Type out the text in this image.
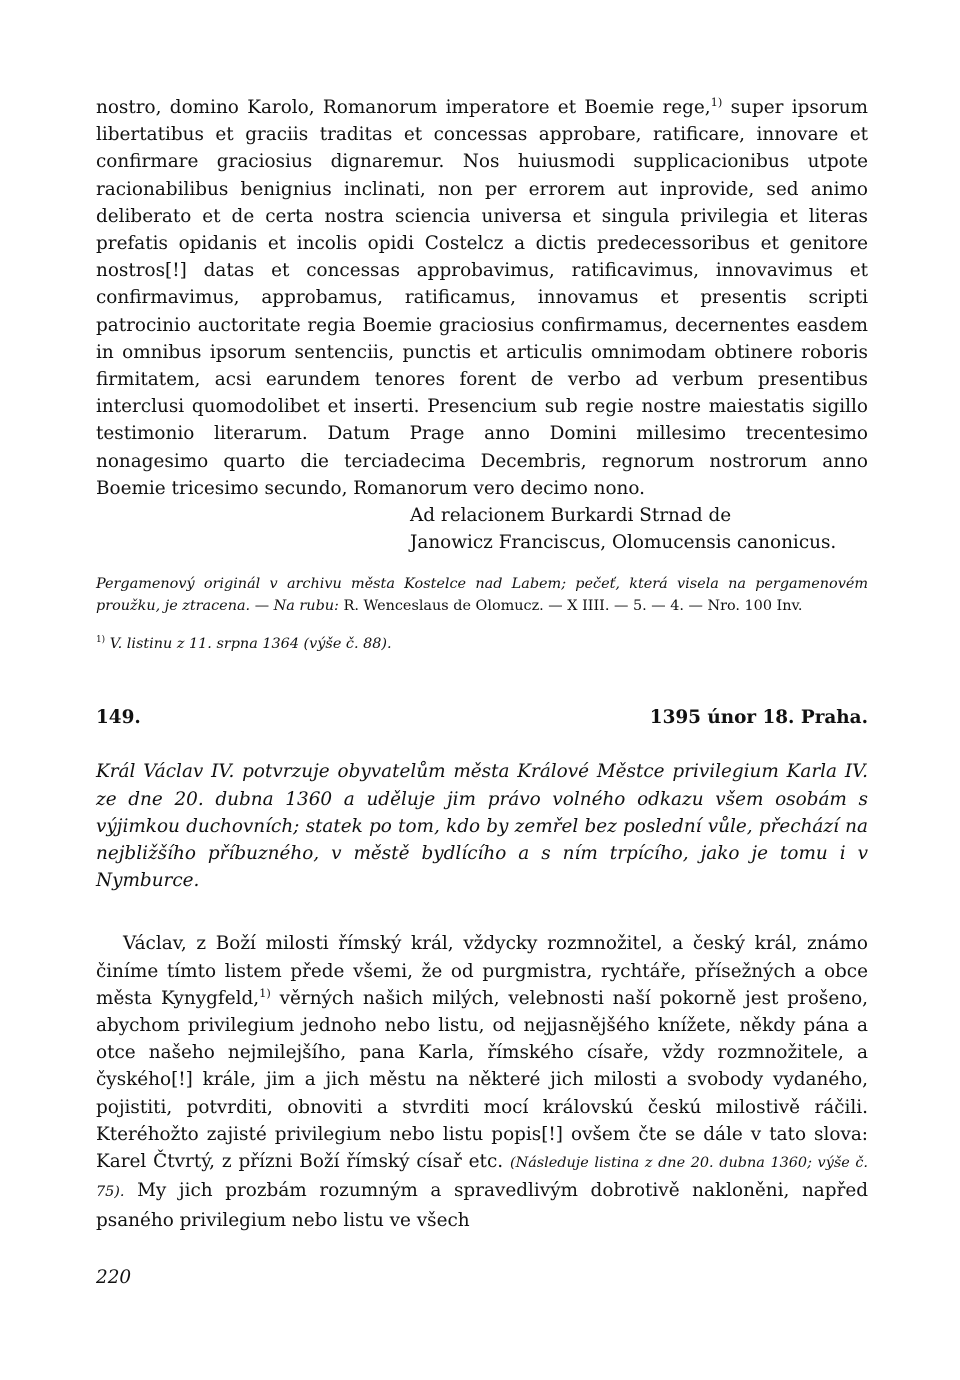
nostro, domino Karolo, Romanorum imperatore et Boemie rege,$^{1)}$ super ipsorum libertatibus et graciis traditas et concessas approbare, ratificare, innovare et confirmare graciosius dignaremur. Nos huiusmodi supplicacionibus utpote racionabilibus benignius inclinati, non per errorem aut inprovide, sed animo deliberato et de certa nostra sciencia universa et singula privilegia et literas prefatis opidanis et incolis opidi Costelcz a dictis predecessoribus et genitore nostros[!] datas et concessas approbavimus, ratificavimus, innovavimus et confirmavimus, approbamus, ratificamus, innovamus et presentis scripti patrocinio auctoritate regia Boemie graciosius confirmamus, decernentes easdem in omnibus ipsorum sentenciis, punctis et articulis omnimodam obtinere roboris firmitatem, acsi earundem tenores forent de verbo ad verbum presentibus interclusi quomodolibet et inserti. Presencium sub regie nostre maiestatis sigillo testimonio literarum. Datum Prage anno Domini millesimo trecentesimo nonagesimo quarto die terciadecima Decembris, regnorum nostrorum anno Boemie tricesimo secundo, Romanorum vero decimo nono.

Ad relacionem Burkardi Strnad de

Janowicz Franciscus, Olomucensis canonicus.

Pergamenový originál v archivu města Kostelce nad Labem; pečeť, která visela na pergamenovém proužku, je ztracena. — Na rubu: R. Wenceslaus de Olomucz. — X IIII. — 5. — 4. — Nro. 100 Inv.

$^{1)}$ V. listinu z 11. srpna 1364 (výše č. 88).

149.	1395 únor 18. Praha.

Král Václav IV. potvrzuje obyvatelům města Králové Městce privilegium Karla IV. ze dne 20. dubna 1360 a uděluje jim právo volného odkazu všem osobám s výjimkou duchovních; statek po tom, kdo by zemřel bez poslední vůle, přechází na nejbližšího příbuzného, v městě bydlícího a s ním trpícího, jako je tomu i v Nymburce.

Václav, z Boží milosti římský král, vždycky rozmnožitel, a český král, známo činíme tímto listem přede všemi, že od purgmistra, rychtáře, přísežných a obce města Kynygfeld,$^{1)}$ věrných našich milých, velebnosti naší pokorně jest prošeno, abychom privilegium jednoho nebo listu, od nejjasnějšého knížete, někdy pána a otce našeho nejmilejšího, pana Karla, římského císaře, vždy rozmnožitele, a čyského[!] krále, jim a jich městu na některé jich milosti a svobody vydaného, pojistiti, potvrditi, obnoviti a stvrditi mocí královskú českú milostivě ráčili. Kteréhožto zajisté privilegium nebo listu popis[!] ovšem čte se dále v tato slova: Karel Čtvrtý, z přízni Boží římský císař etc. (Následuje listina z dne 20. dubna 1360; výše č. 75). My jich prozbám rozumným a spravedlivým dobrotivě nakloněni, napřed psaného privilegium nebo listu ve všech

220
